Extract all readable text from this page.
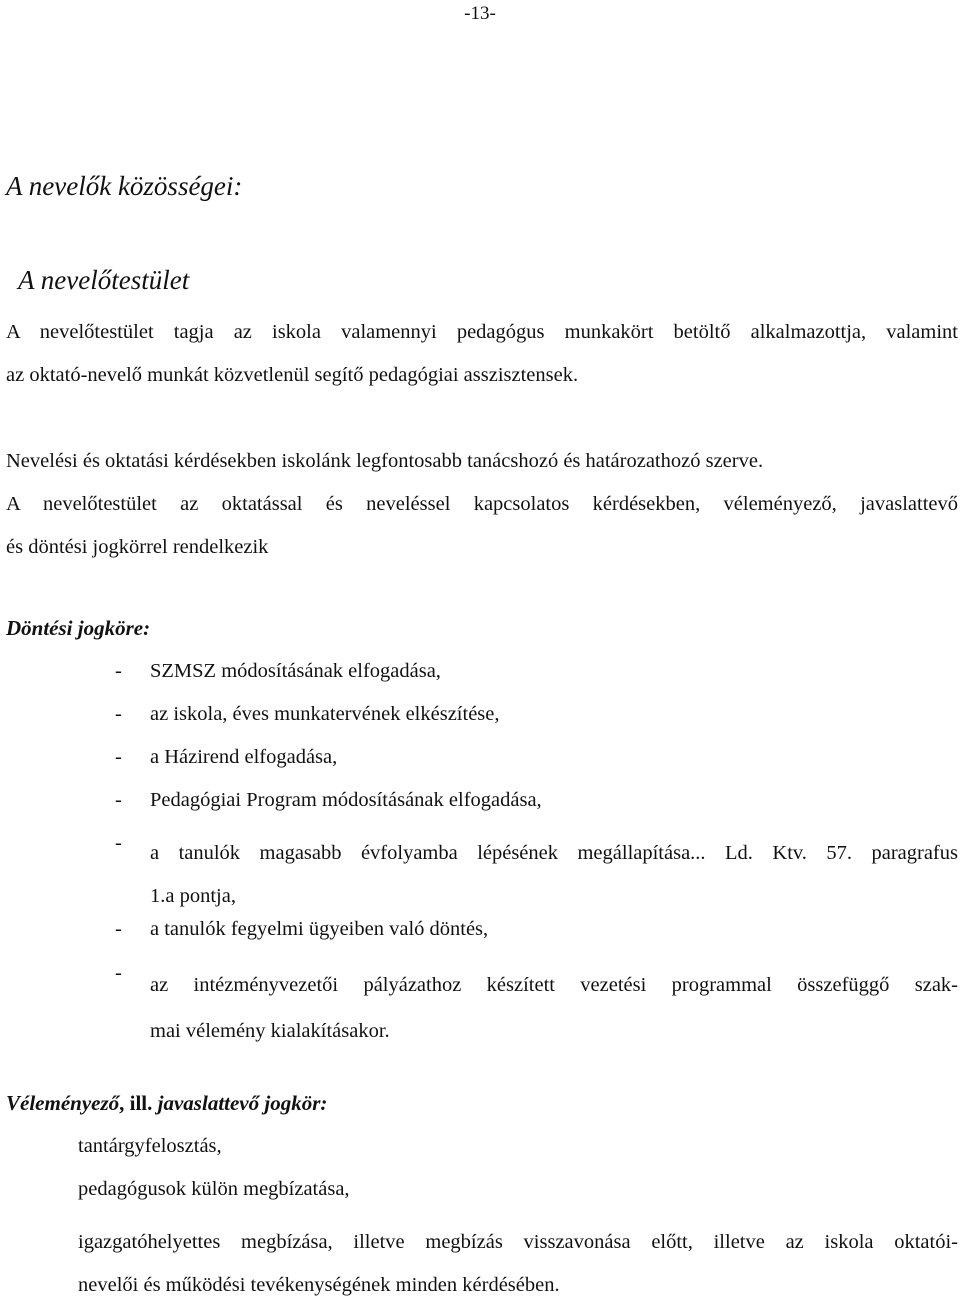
-13-
A nevelők közösségei:
A nevelőtestület
A nevelőtestület tagja az iskola valamennyi pedagógus munkakört betöltő alkalmazottja, valamint
az oktató-nevelő munkát közvetlenül segítő pedagógiai asszisztensek.
Nevelési és oktatási kérdésekben iskolánk legfontosabb tanácshozó és határozathozó szerve.
A nevelőtestület az oktatással és neveléssel kapcsolatos kérdésekben, véleményező, javaslattevő
és döntési jogkörrel rendelkezik
Döntési jogköre:
- SZMSZ módosításának elfogadása,
- az iskola, éves munkatervének elkészítése,
- a Házirend elfogadása,
- Pedagógiai Program módosításának elfogadása,
- a tanulók magasabb évfolyamba lépésének megállapítása... Ld. Ktv. 57. paragrafus
1.a pontja,
- a tanulók fegyelmi ügyeiben való döntés,
-
az intézményvezetői pályázathoz készített vezetési programmal összefüggő szak-
mai vélemény kialakításakor.
Véleményező, ill. javaslattevő jogkör:
tantárgyfelosztás,
pedagógusok külön megbízatása,
igazgatóhelyettes megbízása, illetve megbízás visszavonása előtt, illetve az iskola oktatói-
nevelői és működési tevékenységének minden kérdésében.
